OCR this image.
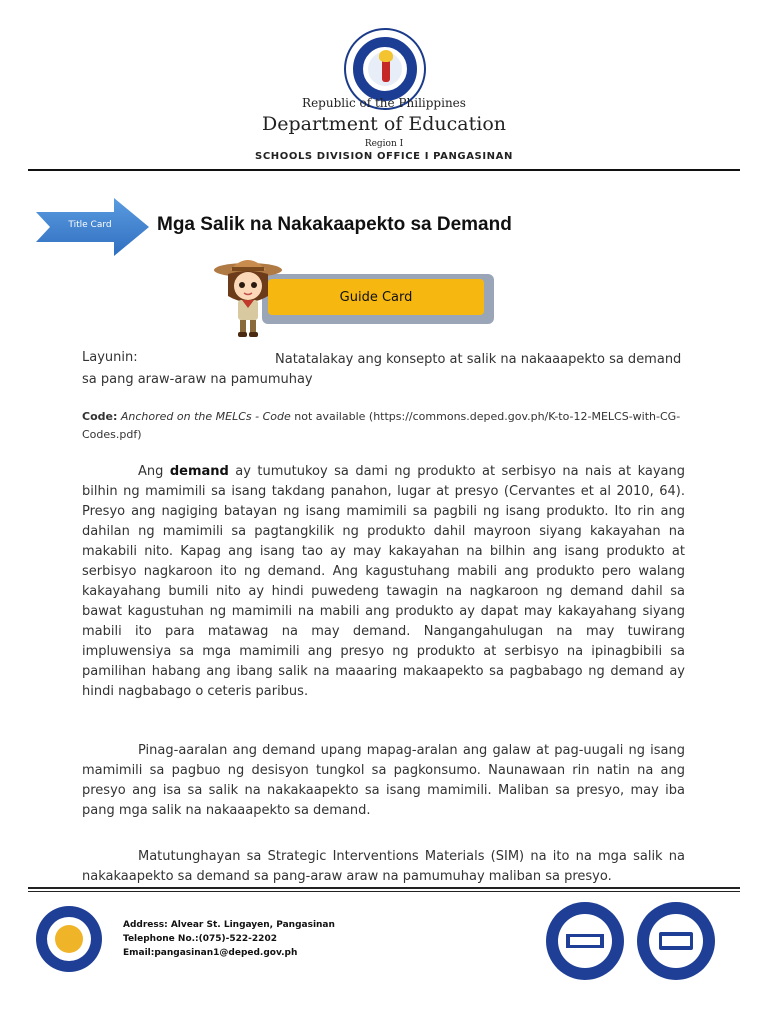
Republic of the Philippines
Department of Education
Region I
SCHOOLS DIVISION OFFICE I PANGASINAN
Title Card	Mga Salik na Nakakaapekto sa Demand
Guide Card
Layunin:	Natatalakay ang konsepto at salik na nakaaapekto sa demand sa pang araw-araw na pamumuhay
Code: Anchored on the MELCs - Code not available (https://commons.deped.gov.ph/K-to-12-MELCS-with-CG-Codes.pdf)
Ang demand ay tumutukoy sa dami ng produkto at serbisyo na nais at kayang bilhin ng mamimili sa isang takdang panahon, lugar at presyo (Cervantes et al 2010, 64). Presyo ang nagiging batayan ng isang mamimili sa pagbili ng isang produkto. Ito rin ang dahilan ng mamimili sa pagtangkilik ng produkto dahil mayroon siyang kakayahan na makabili nito. Kapag ang isang tao ay may kakayahan na bilhin ang isang produkto at serbisyo nagkaroon ito ng demand. Ang kagustuhang mabili ang produkto pero walang kakayahang bumili nito ay hindi puwedeng tawagin na nagkaroon ng demand dahil sa bawat kagustuhan ng mamimili na mabili ang produkto ay dapat may kakayahang siyang mabili ito para matawag na may demand. Nangangahulugan na may tuwirang impluwensiya sa mga mamimili ang presyo ng produkto at serbisyo na ipinagbibili sa pamilihan habang ang ibang salik na maaaring makaapekto sa pagbabago ng demand ay hindi nagbabago o ceteris paribus.
Pinag-aaralan ang demand upang mapag-aralan ang galaw at pag-uugali ng isang mamimili sa pagbuo ng desisyon tungkol sa pagkonsumo. Naunawaan rin natin na ang presyo ang isa sa salik na nakakaapekto sa isang mamimili. Maliban sa presyo, may iba pang mga salik na nakaaapekto sa demand.
Matutunghayan sa Strategic Interventions Materials (SIM) na ito na mga salik na nakakaapekto sa demand sa pang-araw araw na pamumuhay maliban sa presyo.
Address: Alvear St. Lingayen, Pangasinan
Telephone No.:(075)-522-2202
Email:pangasinan1@deped.gov.ph
